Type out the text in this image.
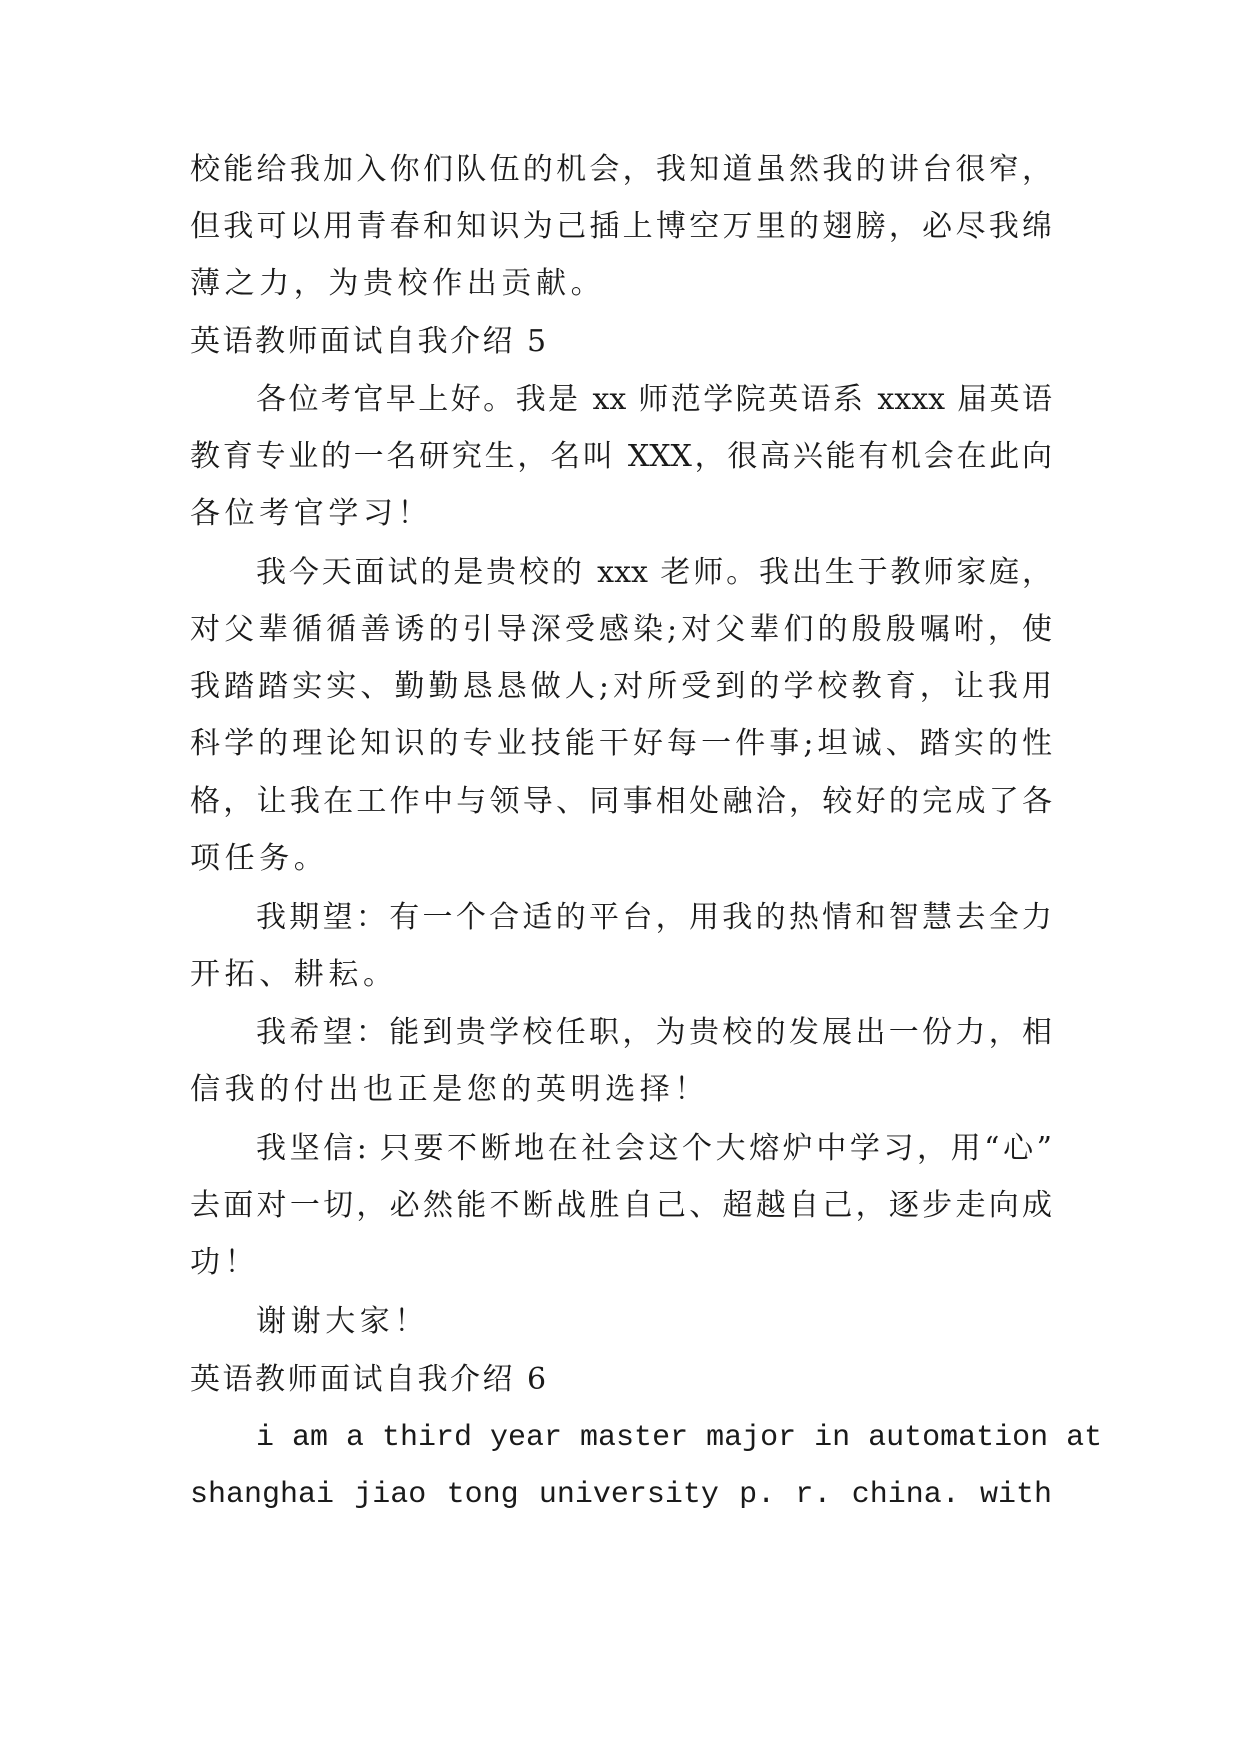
校能给我加入你们队伍的机会，我知道虽然我的讲台很窄，
但我可以用青春和知识为己插上博空万里的翅膀，必尽我绵
薄之力，为贵校作出贡献。
英语教师面试自我介绍 5
各位考官早上好。我是 xx 师范学院英语系 xxxx 届英语
教育专业的一名研究生，名叫 XXX，很高兴能有机会在此向
各位考官学习！
我今天面试的是贵校的 xxx 老师。我出生于教师家庭，
对父辈循循善诱的引导深受感染;对父辈们的殷殷嘱咐，使
我踏踏实实、勤勤恳恳做人;对所受到的学校教育，让我用
科学的理论知识的专业技能干好每一件事;坦诚、踏实的性
格，让我在工作中与领导、同事相处融洽，较好的完成了各
项任务。
我期望：有一个合适的平台，用我的热情和智慧去全力
开拓、耕耘。
我希望：能到贵学校任职，为贵校的发展出一份力，相
信我的付出也正是您的英明选择！
我坚信: 只要不断地在社会这个大熔炉中学习，用“心”
去面对一切，必然能不断战胜自己、超越自己，逐步走向成
功！
谢谢大家！
英语教师面试自我介绍 6
i am a third year master major in automation at
shanghai jiao tong university p. r. china. with
